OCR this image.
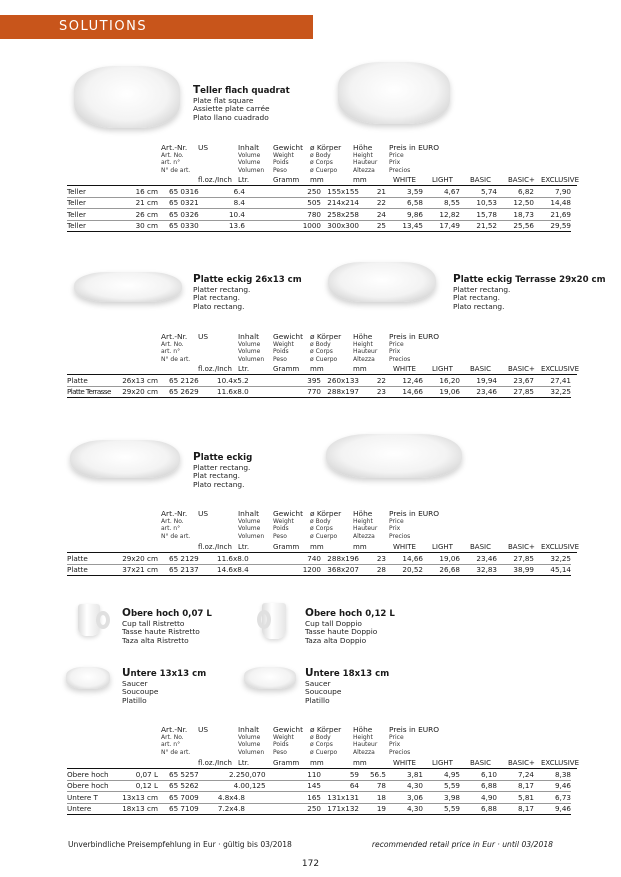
SOLUTIONS
Teller flach quadrat
Plate flat square
Assiette plate carrée
Plato llano cuadrado
Art.-Nr.
Art. No.
art. n°
N° de art.
US	Inhalt
Volume
Volume
Volumen
Gewicht
Weight
Poids
Peso
ø Körper
ø Body
ø Corps
ø Cuerpo
Höhe
Height
Hauteur
Altezza
Preis in EURO
Price
Prix
Precios
fl.oz./Inch Ltr.	Gramm mm	mm	WHITE LIGHT BASIC BASIC+ EXCLUSIVE
Teller	16 cm	65 0316	6.4		250	155x155	21	3,59	4,67	5,74	6,82	7,90
Teller	21 cm	65 0321	8.4		505	214x214	22	6,58	8,55	10,53	12,50	14,48
Teller	26 cm	65 0326	10.4		780	258x258	24	9,86	12,82	15,78	18,73	21,69
Teller	30 cm	65 0330	13.6		1000	300x300	25	13,45	17,49	21,52	25,56	29,59
Platte eckig 26x13 cm
Platter rectang.
Plat rectang.
Plato rectang.
Platte eckig Terrasse 29x20 cm
Platter rectang.
Plat rectang.
Plato rectang.
Art.-Nr.
Art. No.
art. n°
N° de art.
US	Inhalt
Volume
Volume
Volumen
Gewicht
Weight
Poids
Peso
ø Körper
ø Body
ø Corps
ø Cuerpo
Höhe
Height
Hauteur
Altezza
Preis in EURO
Price
Prix
Precios
fl.oz./Inch Ltr.	Gramm mm	mm	WHITE LIGHT BASIC BASIC+ EXCLUSIVE
Platte	26x13 cm	65 2126	10.4x5.2		395	260x133	22	12,46	16,20	19,94	23,67	27,41
Platte Terrasse	29x20 cm	65 2629	11.6x8.0		770	288x197	23	14,66	19,06	23,46	27,85	32,25
Platte eckig
Platter rectang.
Plat rectang.
Plato rectang.
Art.-Nr.
Art. No.
art. n°
N° de art.
US	Inhalt
Volume
Volume
Volumen
Gewicht
Weight
Poids
Peso
ø Körper
ø Body
ø Corps
ø Cuerpo
Höhe
Height
Hauteur
Altezza
Preis in EURO
Price
Prix
Precios
fl.oz./Inch Ltr.	Gramm mm	mm	WHITE LIGHT BASIC BASIC+ EXCLUSIVE
Platte	29x20 cm	65 2129	11.6x8.0		740	288x196	23	14,66	19,06	23,46	27,85	32,25
Platte	37x21 cm	65 2137	14.6x8.4		1200	368x207	28	20,52	26,68	32,83	38,99	45,14
Obere hoch 0,07 L
Cup tall Ristretto
Tasse haute Ristretto
Taza alta Ristretto
Obere hoch 0,12 L
Cup tall Doppio
Tasse haute Doppio
Taza alta Doppio
Untere 13x13 cm
Saucer
Soucoupe
Platillo
Untere 18x13 cm
Saucer
Soucoupe
Platillo
Art.-Nr.
Art. No.
art. n°
N° de art.
US	Inhalt
Volume
Volume
Volumen
Gewicht
Weight
Poids
Peso
ø Körper
ø Body
ø Corps
ø Cuerpo
Höhe
Height
Hauteur
Altezza
Preis in EURO
Price
Prix
Precios
fl.oz./Inch Ltr.	Gramm mm	mm	WHITE LIGHT BASIC BASIC+ EXCLUSIVE
Obere hoch	0,07 L	65 5257	2.25	0,070	110	59	56.5	3,81	4,95	6,10	7,24	8,38
Obere hoch	0,12 L	65 5262	4.0	0,125	145	64	78	4,30	5,59	6,88	8,17	9,46
Untere T	13x13 cm	65 7009	4.8x4.8		165	131x131	18	3,06	3,98	4,90	5,81	6,73
Untere	18x13 cm	65 7109	7.2x4.8		250	171x132	19	4,30	5,59	6,88	8,17	9,46
Unverbindliche Preisempfehlung in Eur · gültig bis 03/2018	recommended retail price in Eur · until 03/2018
172
